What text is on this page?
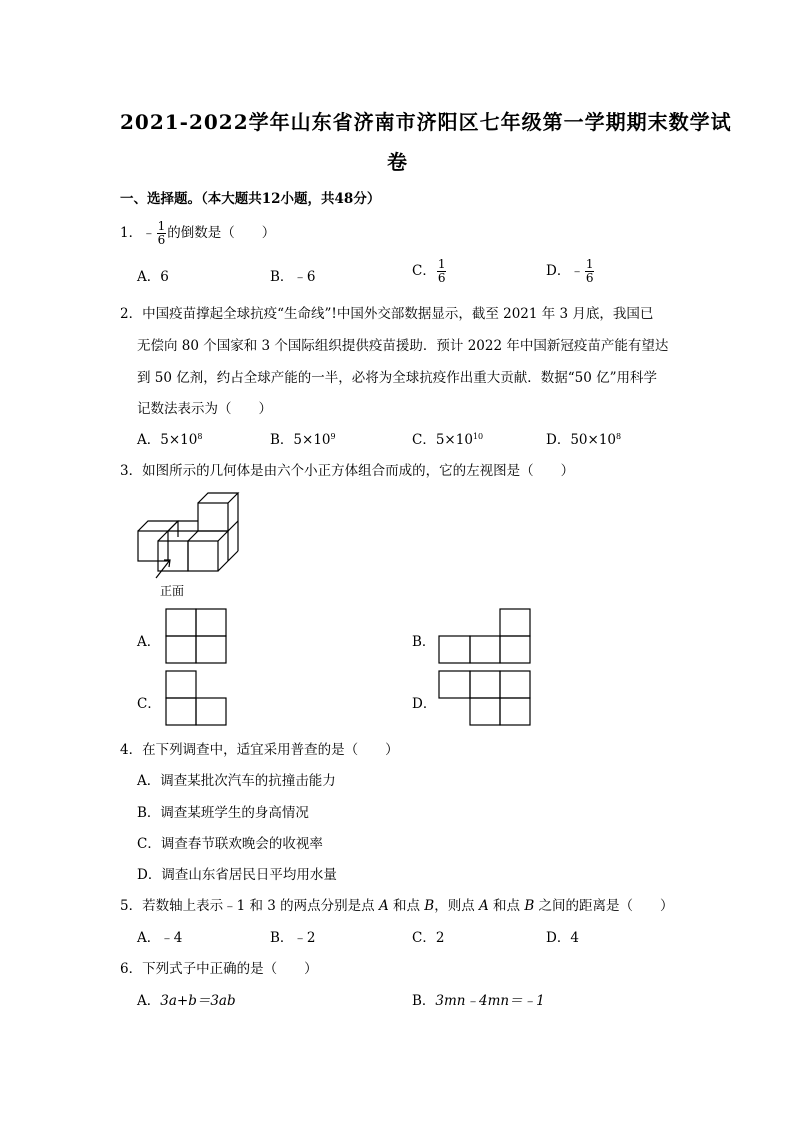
2021-2022学年山东省济南市济阳区七年级第一学期期末数学试
卷
一、选择题。（本大题共12小题，共48分）
1．﹣ $\frac{1}{6}$ 的倒数是（　　）
A．6	B．﹣6	C． $\frac{1}{6}$	D．﹣ $\frac{1}{6}$
2．中国疫苗撑起全球抗疫“生命线”!中国外交部数据显示，截至 2021 年 3 月底，我国已
无偿向 80 个国家和 3 个国际组织提供疫苗援助．预计 2022 年中国新冠疫苗产能有望达
到 50 亿剂，约占全球产能的一半，必将为全球抗疫作出重大贡献．数据“50 亿”用科学
记数法表示为（　　）
A．$5\times 10^8$	B．$5\times 10^9$	C．$5\times 10^{10}$	D．$50\times 10^8$
3．如图所示的几何体是由六个小正方体组合而成的，它的左视图是（　　）
正面
A．	B．
C．	D．
4．在下列调查中，适宜采用普查的是（　　）
A．调查某批次汽车的抗撞击能力
B．调查某班学生的身高情况
C．调查春节联欢晚会的收视率
D．调查山东省居民日平均用水量
5．若数轴上表示﹣1 和 3 的两点分别是点 A 和点 B，则点 A 和点 B 之间的距离是（　　）
A．﹣4	B．﹣2	C．2	D．4
6．下列式子中正确的是（　　）
A．3a+b＝3ab	B．3mn﹣4mn＝﹣1
